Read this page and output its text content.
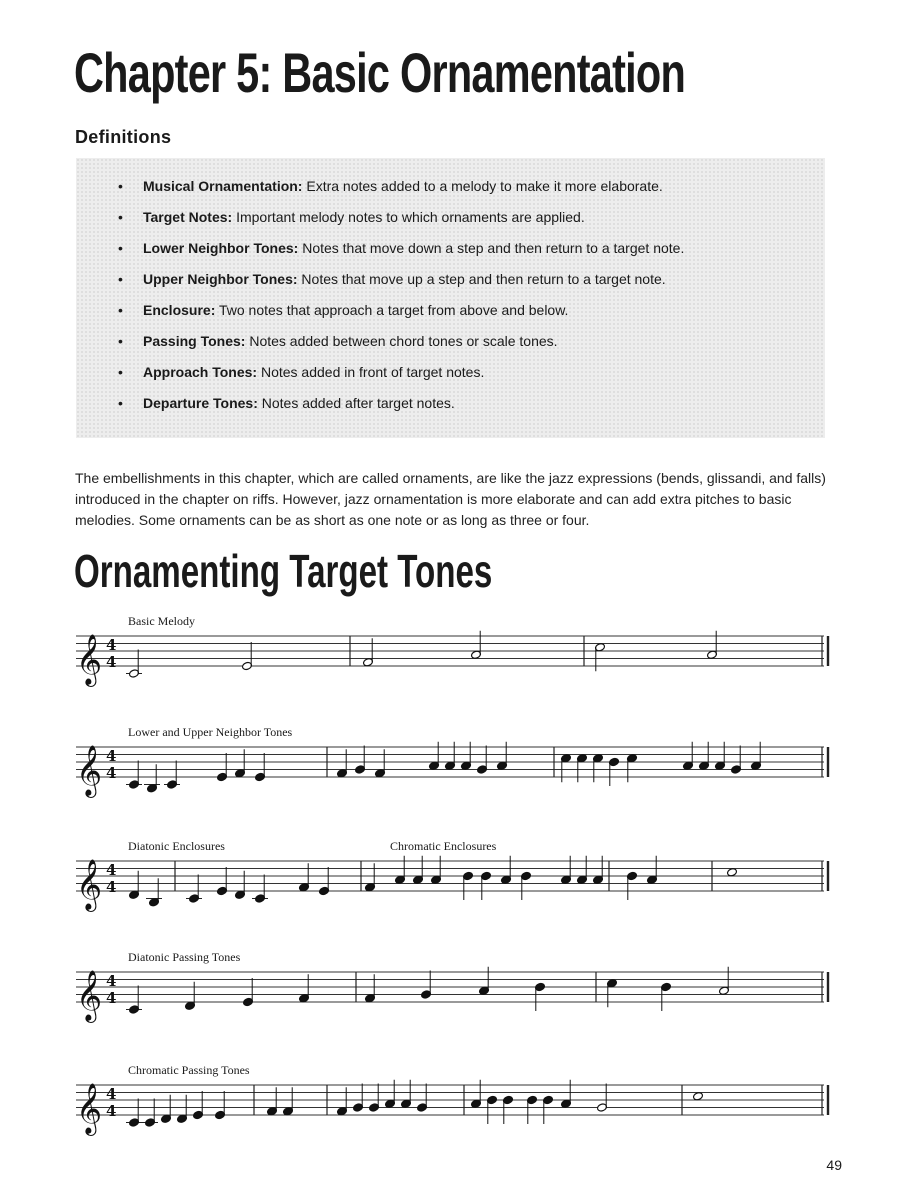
Chapter 5: Basic Ornamentation
Definitions
• Musical Ornamentation: Extra notes added to a melody to make it more elaborate.
• Target Notes: Important melody notes to which ornaments are applied.
• Lower Neighbor Tones: Notes that move down a step and then return to a target note.
• Upper Neighbor Tones: Notes that move up a step and then return to a target note.
• Enclosure: Two notes that approach a target from above and below.
• Passing Tones: Notes added between chord tones or scale tones.
• Approach Tones: Notes added in front of target notes.
• Departure Tones: Notes added after target notes.

The embellishments in this chapter, which are called ornaments, are like the jazz expressions (bends, glissandi, and falls) introduced in the chapter on riffs. However, jazz ornamentation is more elaborate and can add extra pitches to basic melodies. Some ornaments can be as short as one note or as long as three or four.

Ornamenting Target Tones
Basic Melody
𝄞 4
4
Lower and Upper Neighbor Tones
𝄞 4
4
Diatonic Enclosures	Chromatic Enclosures
𝄞 4
4
Diatonic Passing Tones
𝄞 4
4
Chromatic Passing Tones
𝄞 4
4
49
